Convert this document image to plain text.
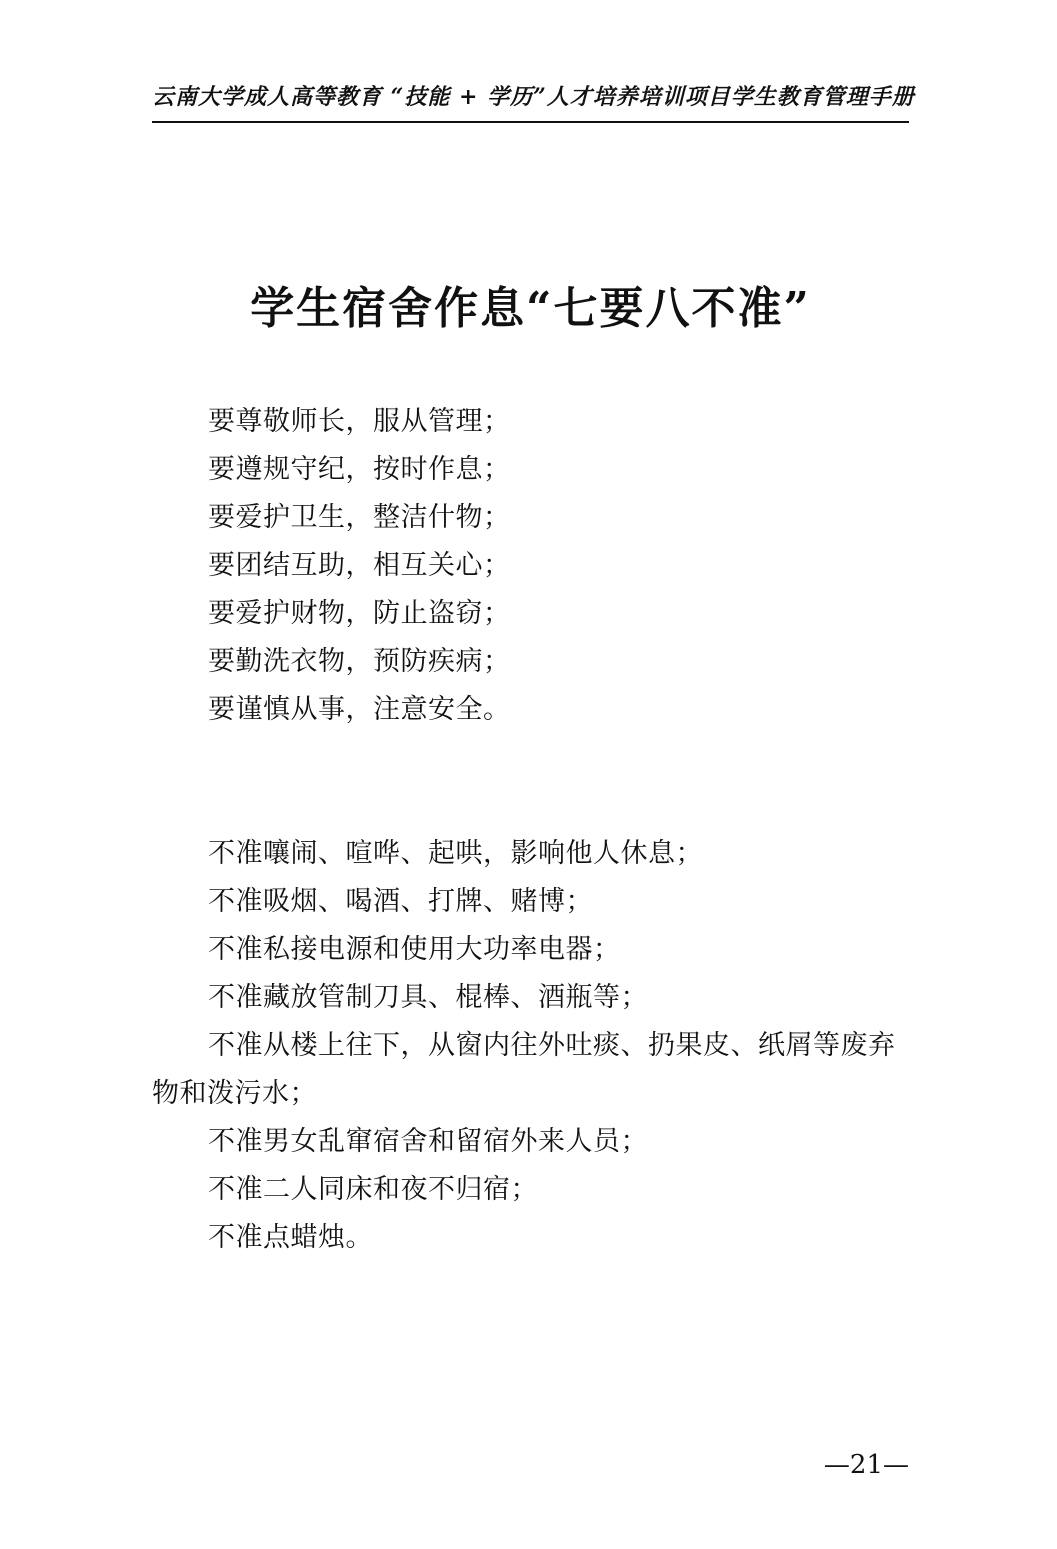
云南大学成人高等教育 “技能 + 学历”人才培养培训项目学生教育管理手册
学生宿舍作息“七要八不准”

要尊敬师长，服从管理；

要遵规守纪，按时作息；

要爱护卫生，整洁什物；

要团结互助，相互关心；

要爱护财物，防止盗窃；

要勤洗衣物，预防疾病；

要谨慎从事，注意安全。

不准嚷闹、喧哗、起哄，影响他人休息；

不准吸烟、喝酒、打牌、赌博；

不准私接电源和使用大功率电器；

不准藏放管制刀具、棍棒、酒瓶等；

不准从楼上往下，从窗内往外吐痰、扔果皮、纸屑等废弃物和泼污水；

不准男女乱窜宿舍和留宿外来人员；

不准二人同床和夜不归宿；

不准点蜡烛。

—21—
